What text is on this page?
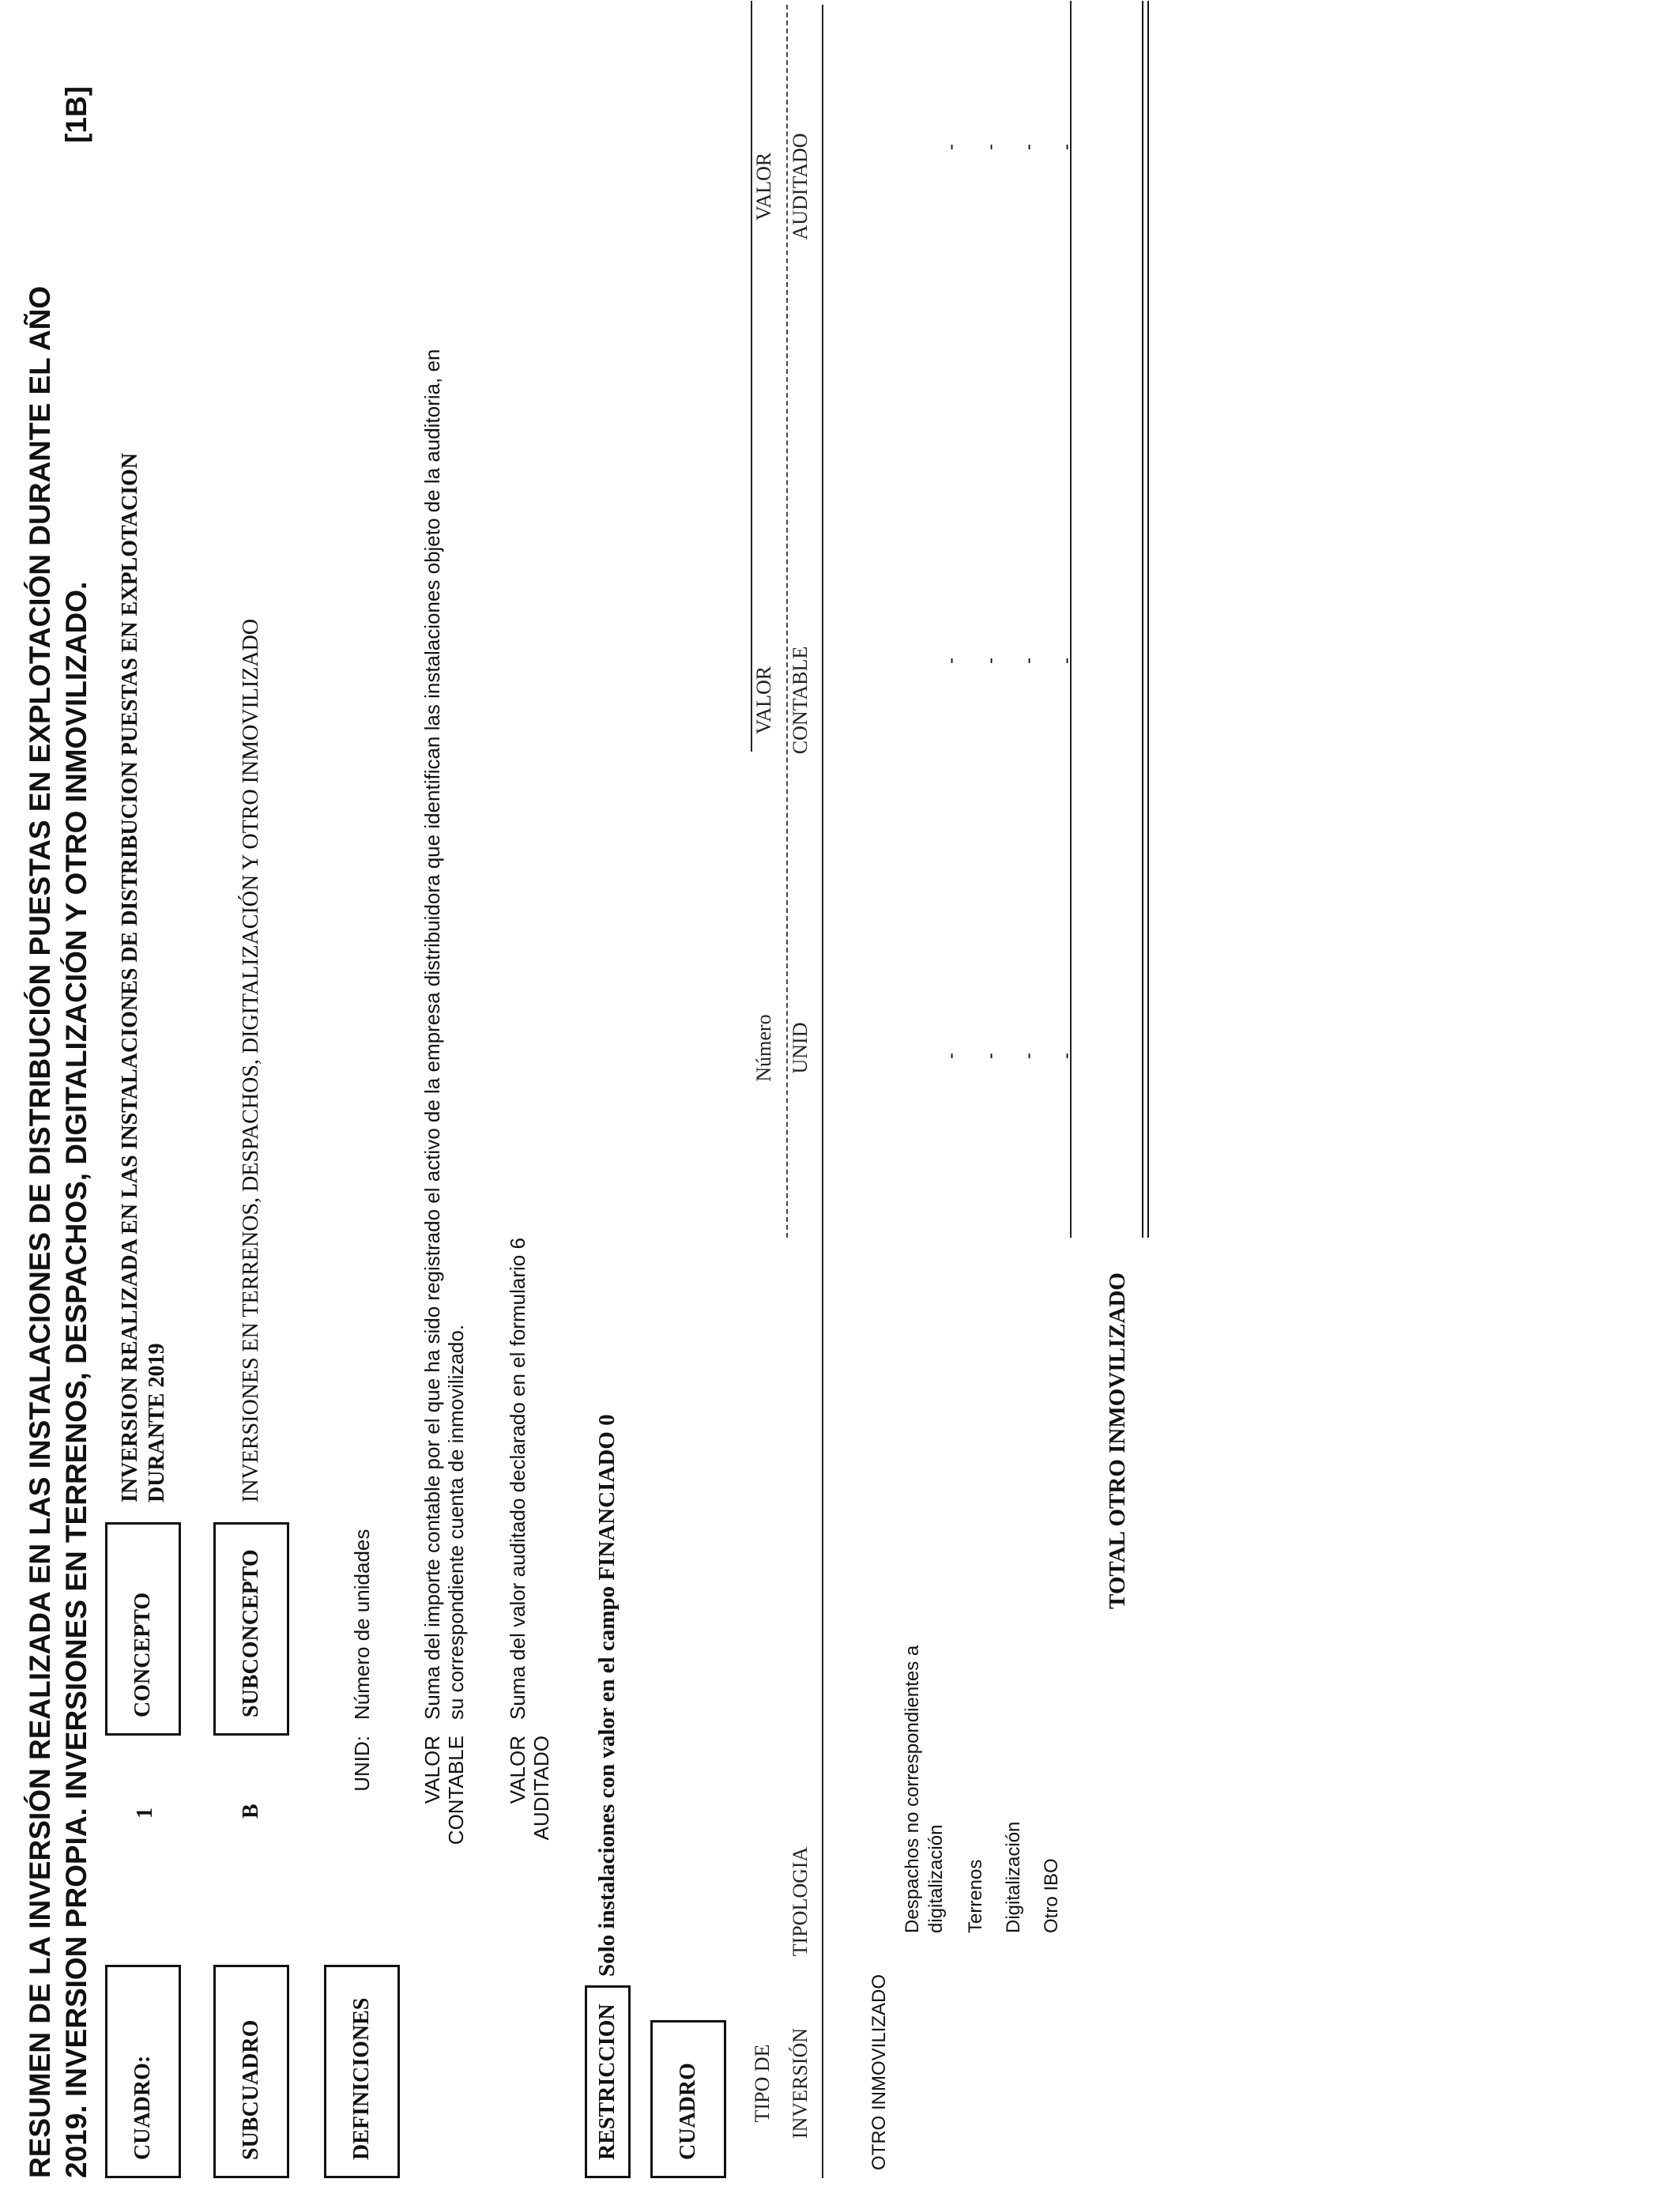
RESUMEN DE LA INVERSIÓN REALIZADA EN LAS INSTALACIONES DE DISTRIBUCIÓN PUESTAS EN EXPLOTACIÓN DURANTE EL AÑO 2019. INVERSION PROPIA. INVERSIONES EN TERRENOS, DESPACHOS, DIGITALIZACIÓN Y OTRO INMOVILIZADO.
[1B]
CUADRO:
1
CONCEPTO
INVERSION REALIZADA EN LAS INSTALACIONES DE DISTRIBUCION PUESTAS EN EXPLOTACION DURANTE 2019
SUBCUADRO
B
SUBCONCEPTO
INVERSIONES EN TERRENOS, DESPACHOS, DIGITALIZACIÓN Y OTRO INMOVILIZADO
DEFINICIONES
UNID:
Número de unidades
VALOR CONTABLE
Suma del importe contable por el que ha sido registrado el activo de la empresa distribuidora que identifican las instalaciones objeto de la auditoria, en su correspondiente cuenta de inmovilizado.
VALOR AUDITADO
Suma del valor auditado declarado en el formulario 6
RESTRICCION
Solo instalaciones con valor en el campo FINANCIADO 0
CUADRO TIPO DE INVERSIÓN
TIPOLOGIA
Número UNID
VALOR CONTABLE
VALOR AUDITADO
OTRO INMOVILIZADO
Despachos no correspondientes a digitalización
-
-
-
Terrenos
-
-
-
Digitalización
-
-
-
Otro IBO
-
-
-
TOTAL OTRO INMOVILIZADO
